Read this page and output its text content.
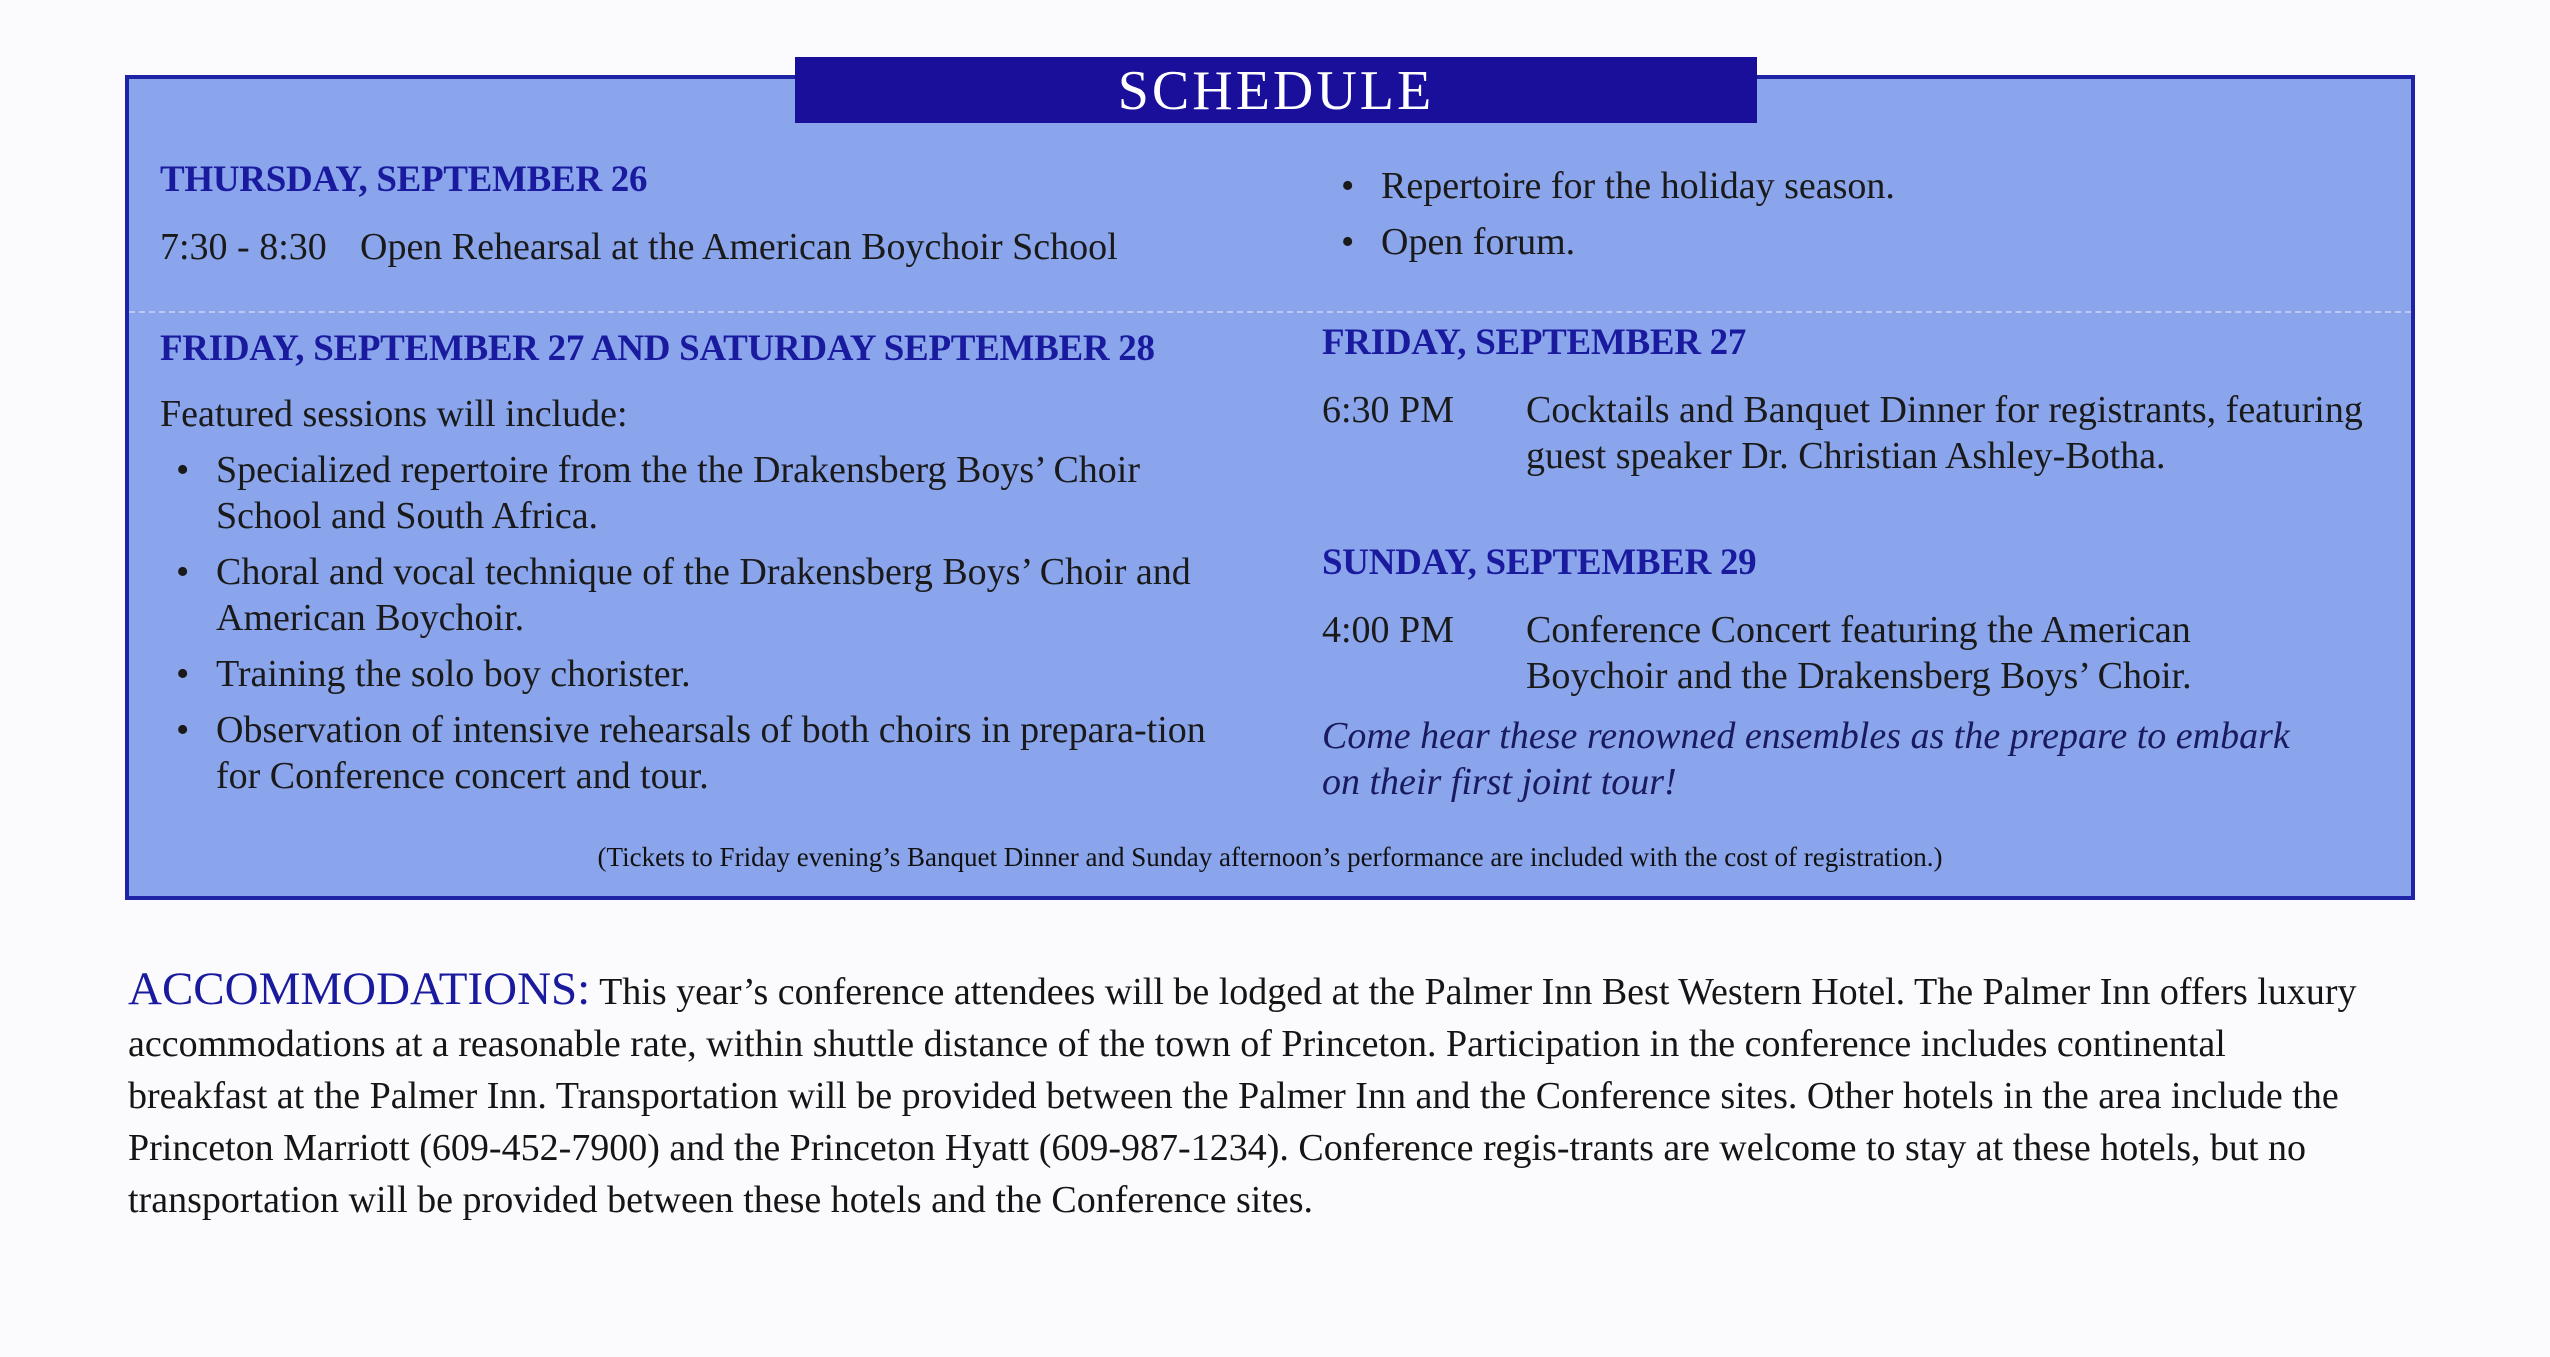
SCHEDULE

THURSDAY, SEPTEMBER 26

7:30 - 8:30 Open Rehearsal at the American Boychoir School
• Repertoire for the holiday season.
• Open forum.

FRIDAY, SEPTEMBER 27 AND SATURDAY SEPTEMBER 28

Featured sessions will include:

• Specialized repertoire from the the Drakensberg Boys’ Choir School and South Africa.
• Choral and vocal technique of the Drakensberg Boys’ Choir and American Boychoir.
• Training the solo boy chorister.
• Observation of intensive rehearsals of both choirs in prepara-tion for Conference concert and tour.

FRIDAY, SEPTEMBER 27

6:30 PM	Cocktails and Banquet Dinner for registrants, featuring guest speaker Dr. Christian Ashley-Botha.

SUNDAY, SEPTEMBER 29

4:00 PM	Conference Concert featuring the American Boychoir and the Drakensberg Boys’ Choir.

Come hear these renowned ensembles as the prepare to embark on their first joint tour!

(Tickets to Friday evening’s Banquet Dinner and Sunday afternoon’s performance are included with the cost of registration.)
ACCOMMODATIONS: This year’s conference attendees will be lodged at the Palmer Inn Best Western Hotel. The Palmer Inn offers luxury accommodations at a reasonable rate, within shuttle distance of the town of Princeton. Participation in the conference includes continental breakfast at the Palmer Inn. Transportation will be provided between the Palmer Inn and the Conference sites. Other hotels in the area include the Princeton Marriott (609-452-7900) and the Princeton Hyatt (609-987-1234). Conference regis-trants are welcome to stay at these hotels, but no transportation will be provided between these hotels and the Conference sites.
